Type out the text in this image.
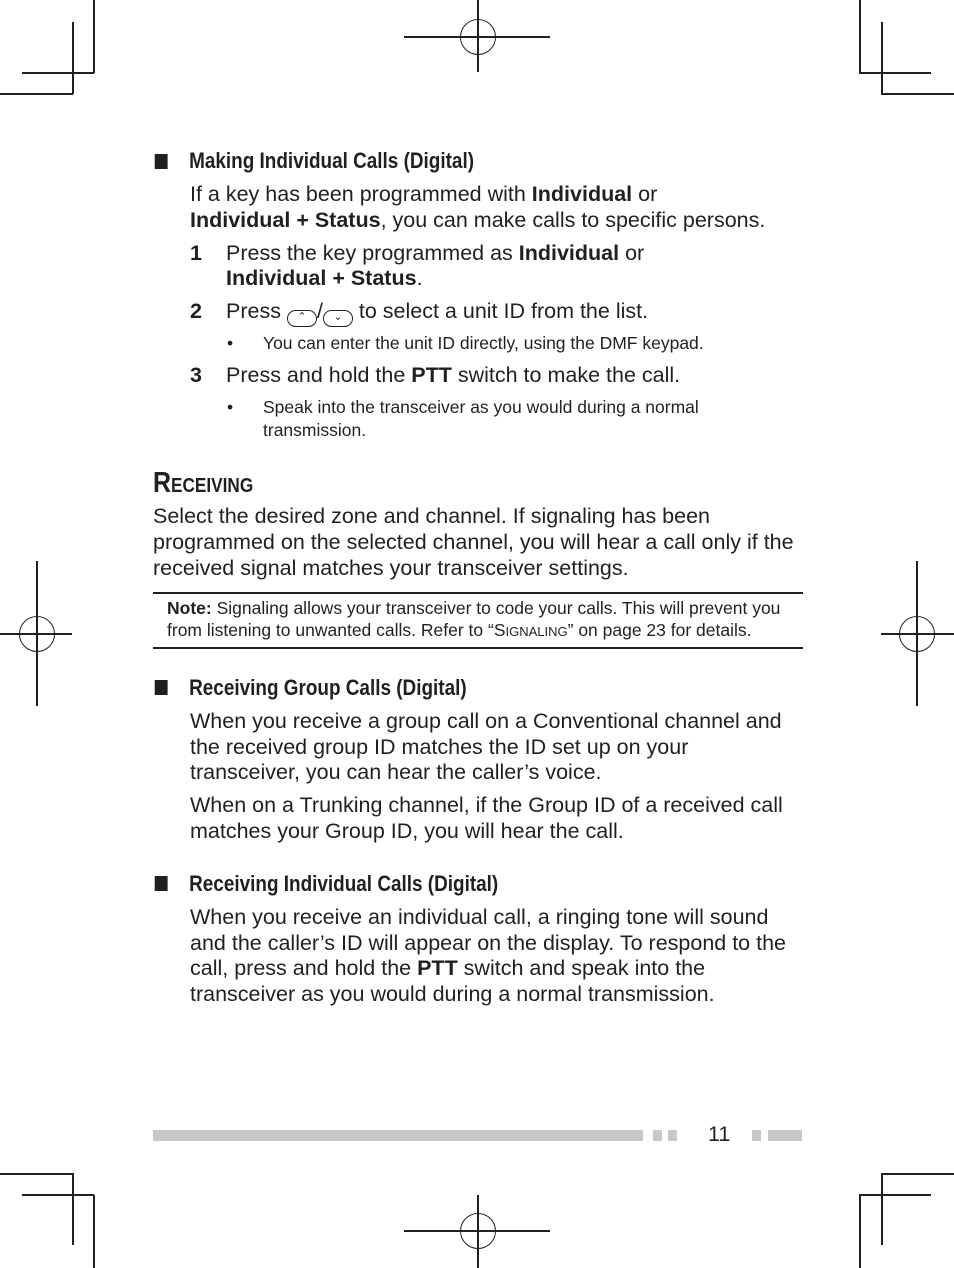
Making Individual Calls (Digital)
If a key has been programmed with Individual or
Individual + Status, you can make calls to specific persons.
1	Press the key programmed as Individual or
Individual + Status.
2	Press ⌃ / ⌄ to select a unit ID from the list.
•	You can enter the unit ID directly, using the DMF keypad.
3	Press and hold the PTT switch to make the call.
•	Speak into the transceiver as you would during a normal transmission.
RECEIVING
Select the desired zone and channel. If signaling has been programmed on the selected channel, you will hear a call only if the received signal matches your transceiver settings.
Note: Signaling allows your transceiver to code your calls. This will prevent you from listening to unwanted calls. Refer to “SIGNALING” on page 23 for details.
Receiving Group Calls (Digital)
When you receive a group call on a Conventional channel and the received group ID matches the ID set up on your transceiver, you can hear the caller’s voice.
When on a Trunking channel, if the Group ID of a received call matches your Group ID, you will hear the call.
Receiving Individual Calls (Digital)
When you receive an individual call, a ringing tone will sound and the caller’s ID will appear on the display. To respond to the call, press and hold the PTT switch and speak into the transceiver as you would during a normal transmission.
11
